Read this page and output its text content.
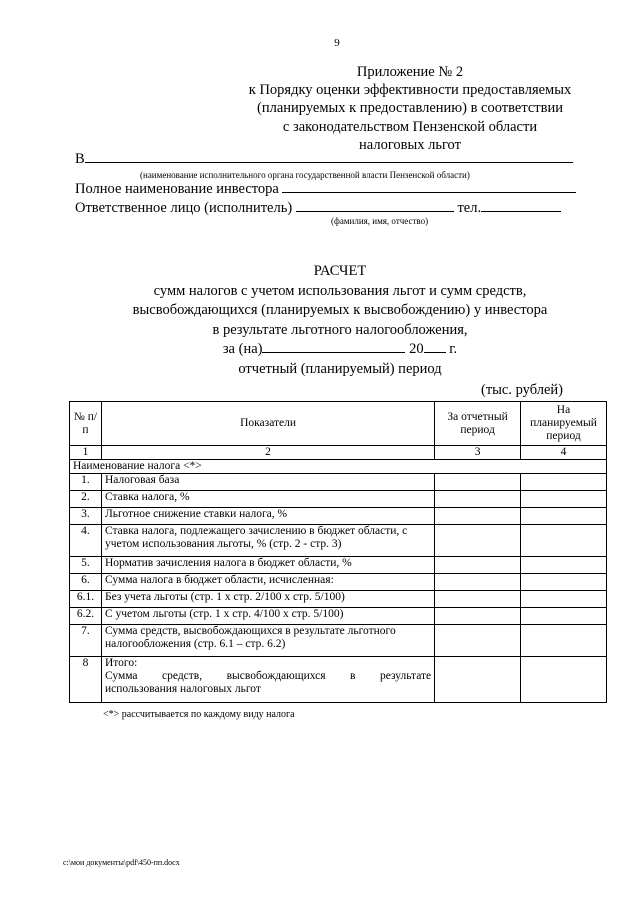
9
Приложение № 2
к Порядку оценки эффективности предоставляемых
(планируемых к предоставлению) в соответствии
с законодательством Пензенской области
налоговых льгот
В
(наименование исполнительного органа государственной власти Пензенской области)
Полное наименование инвестора
Ответственное лицо (исполнитель)	тел.
(фамилия, имя, отчество)
РАСЧЕТ
сумм налогов с учетом использования льгот и сумм средств,
высвобождающихся (планируемых к высвобождению) у инвестора
в результате льготного налогообложения,
за (на)	20 г.
отчетный (планируемый) период
(тыс. рублей)
№ п/п	Показатели	За отчетный период	На планируемый период
1	2	3	4
Наименование налога <*>			
1.	Налоговая база		
2.	Ставка налога, %		
3.	Льготное снижение ставки налога, %		
4.	Ставка налога, подлежащего зачислению в бюджет области, с учетом использования льготы, % (стр. 2 - стр. 3)		
5.	Норматив зачисления налога в бюджет области, %		
6.	Сумма налога в бюджет области, исчисленная:		
6.1.	Без учета льготы (стр. 1 x стр. 2/100 x стр. 5/100)		
6.2.	С учетом льготы (стр. 1 x стр. 4/100 x стр. 5/100)		
7.	Сумма средств, высвобождающихся в результате льготного налогообложения (стр. 6.1 – стр. 6.2)		
8	Итого:
Сумма средств, высвобождающихся в результате
использования налоговых льгот		

<*> рассчитывается по каждому виду налога
c:\мои документы\pdf\450-пп.docx
